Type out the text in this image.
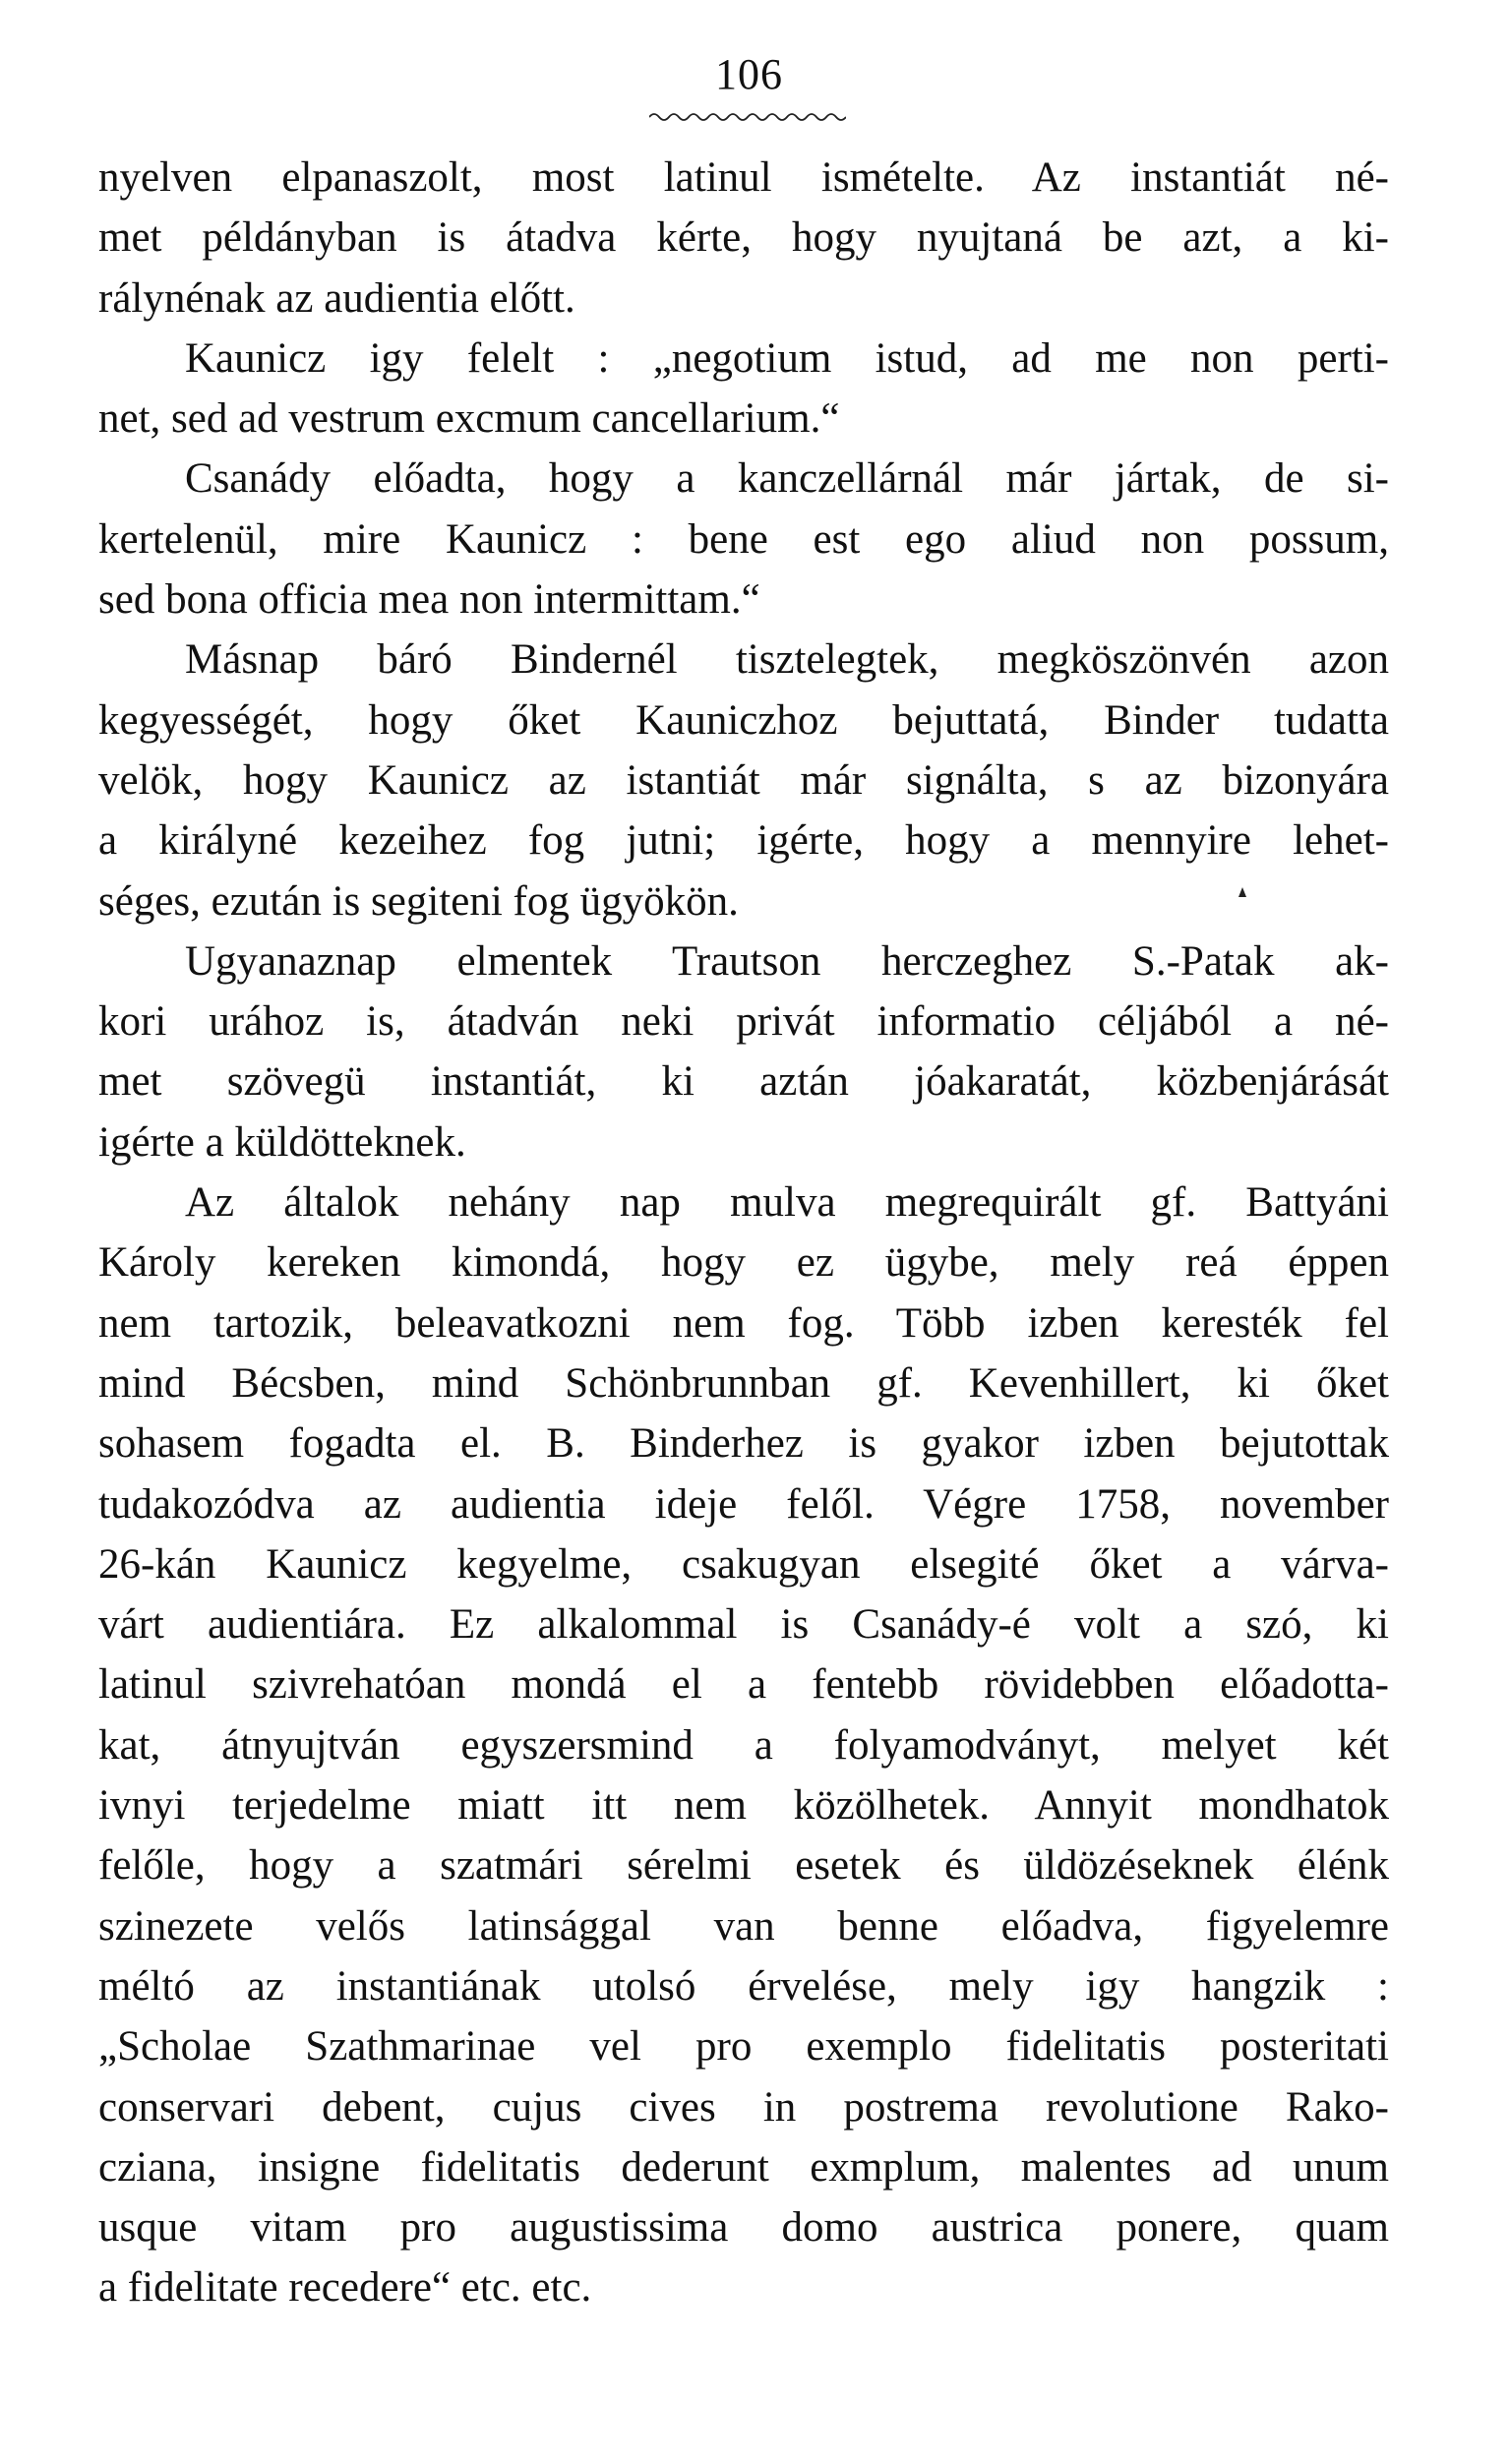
106
nyelven elpanaszolt, most latinul ismételte. Az instantiát né-
met példányban is átadva kérte, hogy nyujtaná be azt, a ki-
rálynénak az audientia előtt.
Kaunicz igy felelt : „negotium istud, ad me non perti-
net, sed ad vestrum excmum cancellarium.“
Csanády előadta, hogy a kanczellárnál már jártak, de si-
kertelenül, mire Kaunicz : bene est ego aliud non possum,
sed bona officia mea non intermittam.“
Másnap báró Bindernél tisztelegtek, megköszönvén azon
kegyességét, hogy őket Kauniczhoz bejuttatá, Binder tudatta
velök, hogy Kaunicz az istantiát már signálta, s az bizonyára
a királyné kezeihez fog jutni; igérte, hogy a mennyire lehet-
séges, ezután is segiteni fog ügyökön.
Ugyanaznap elmentek Trautson herczeghez S.-Patak ak-
kori urához is, átadván neki privát informatio céljából a né-
met szövegü instantiát, ki aztán jóakaratát, közbenjárását
igérte a küldötteknek.
Az általok nehány nap mulva megrequirált gf. Battyáni
Károly kereken kimondá, hogy ez ügybe, mely reá éppen
nem tartozik, beleavatkozni nem fog. Több izben keresték fel
mind Bécsben, mind Schönbrunnban gf. Kevenhillert, ki őket
sohasem fogadta el. B. Binderhez is gyakor izben bejutottak
tudakozódva az audientia ideje felől. Végre 1758, november
26-kán Kaunicz kegyelme, csakugyan elsegité őket a várva-
várt audientiára. Ez alkalommal is Csanády-é volt a szó, ki
latinul szivrehatóan mondá el a fentebb rövidebben előadotta-
kat, átnyujtván egyszersmind a folyamodványt, melyet két
ivnyi terjedelme miatt itt nem közölhetek. Annyit mondhatok
felőle, hogy a szatmári sérelmi esetek és üldözéseknek élénk
szinezete velős latinsággal van benne előadva, figyelemre
méltó az instantiának utolsó érvelése, mely igy hangzik :
„Scholae Szathmarinae vel pro exemplo fidelitatis posteritati
conservari debent, cujus cives in postrema revolutione Rako-
cziana, insigne fidelitatis dederunt exmplum, malentes ad unum
usque vitam pro augustissima domo austrica ponere, quam
a fidelitate recedere“ etc. etc.
